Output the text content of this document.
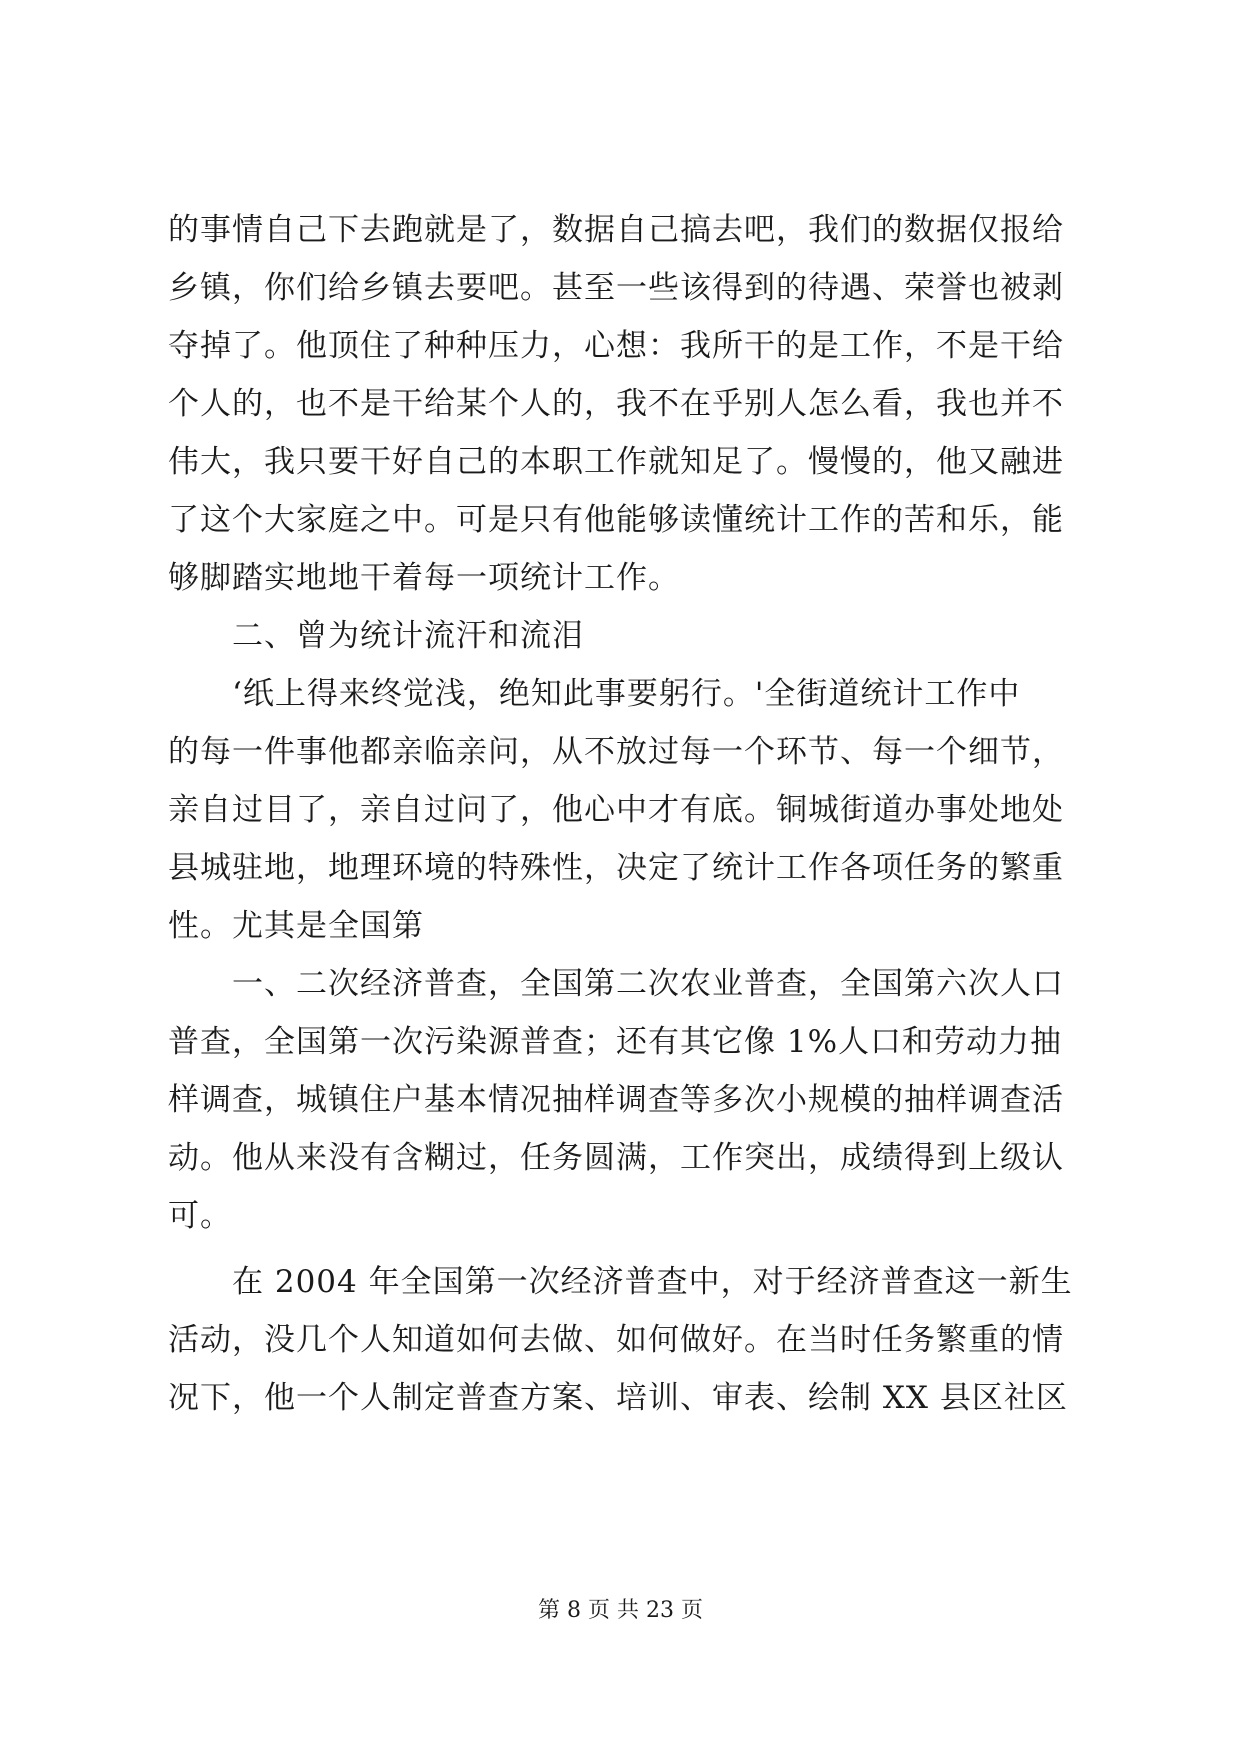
的事情自己下去跑就是了，数据自己搞去吧，我们的数据仅报给
乡镇，你们给乡镇去要吧。甚至一些该得到的待遇、荣誉也被剥
夺掉了。他顶住了种种压力，心想：我所干的是工作，不是干给
个人的，也不是干给某个人的，我不在乎别人怎么看，我也并不
伟大，我只要干好自己的本职工作就知足了。慢慢的，他又融进
了这个大家庭之中。可是只有他能够读懂统计工作的苦和乐，能
够脚踏实地地干着每一项统计工作。
二、曾为统计流汗和流泪
‘纸上得来终觉浅，绝知此事要躬行。'全街道统计工作中
的每一件事他都亲临亲问，从不放过每一个环节、每一个细节，
亲自过目了，亲自过问了，他心中才有底。铜城街道办事处地处
县城驻地，地理环境的特殊性，决定了统计工作各项任务的繁重
性。尤其是全国第
一、二次经济普查，全国第二次农业普查，全国第六次人口
普查，全国第一次污染源普查；还有其它像 1%人口和劳动力抽
样调查，城镇住户基本情况抽样调查等多次小规模的抽样调查活
动。他从来没有含糊过，任务圆满，工作突出，成绩得到上级认
可。
在 2004 年全国第一次经济普查中，对于经济普查这一新生
活动，没几个人知道如何去做、如何做好。在当时任务繁重的情
况下，他一个人制定普查方案、培训、审表、绘制 XX 县区社区
第 8 页 共 23 页
